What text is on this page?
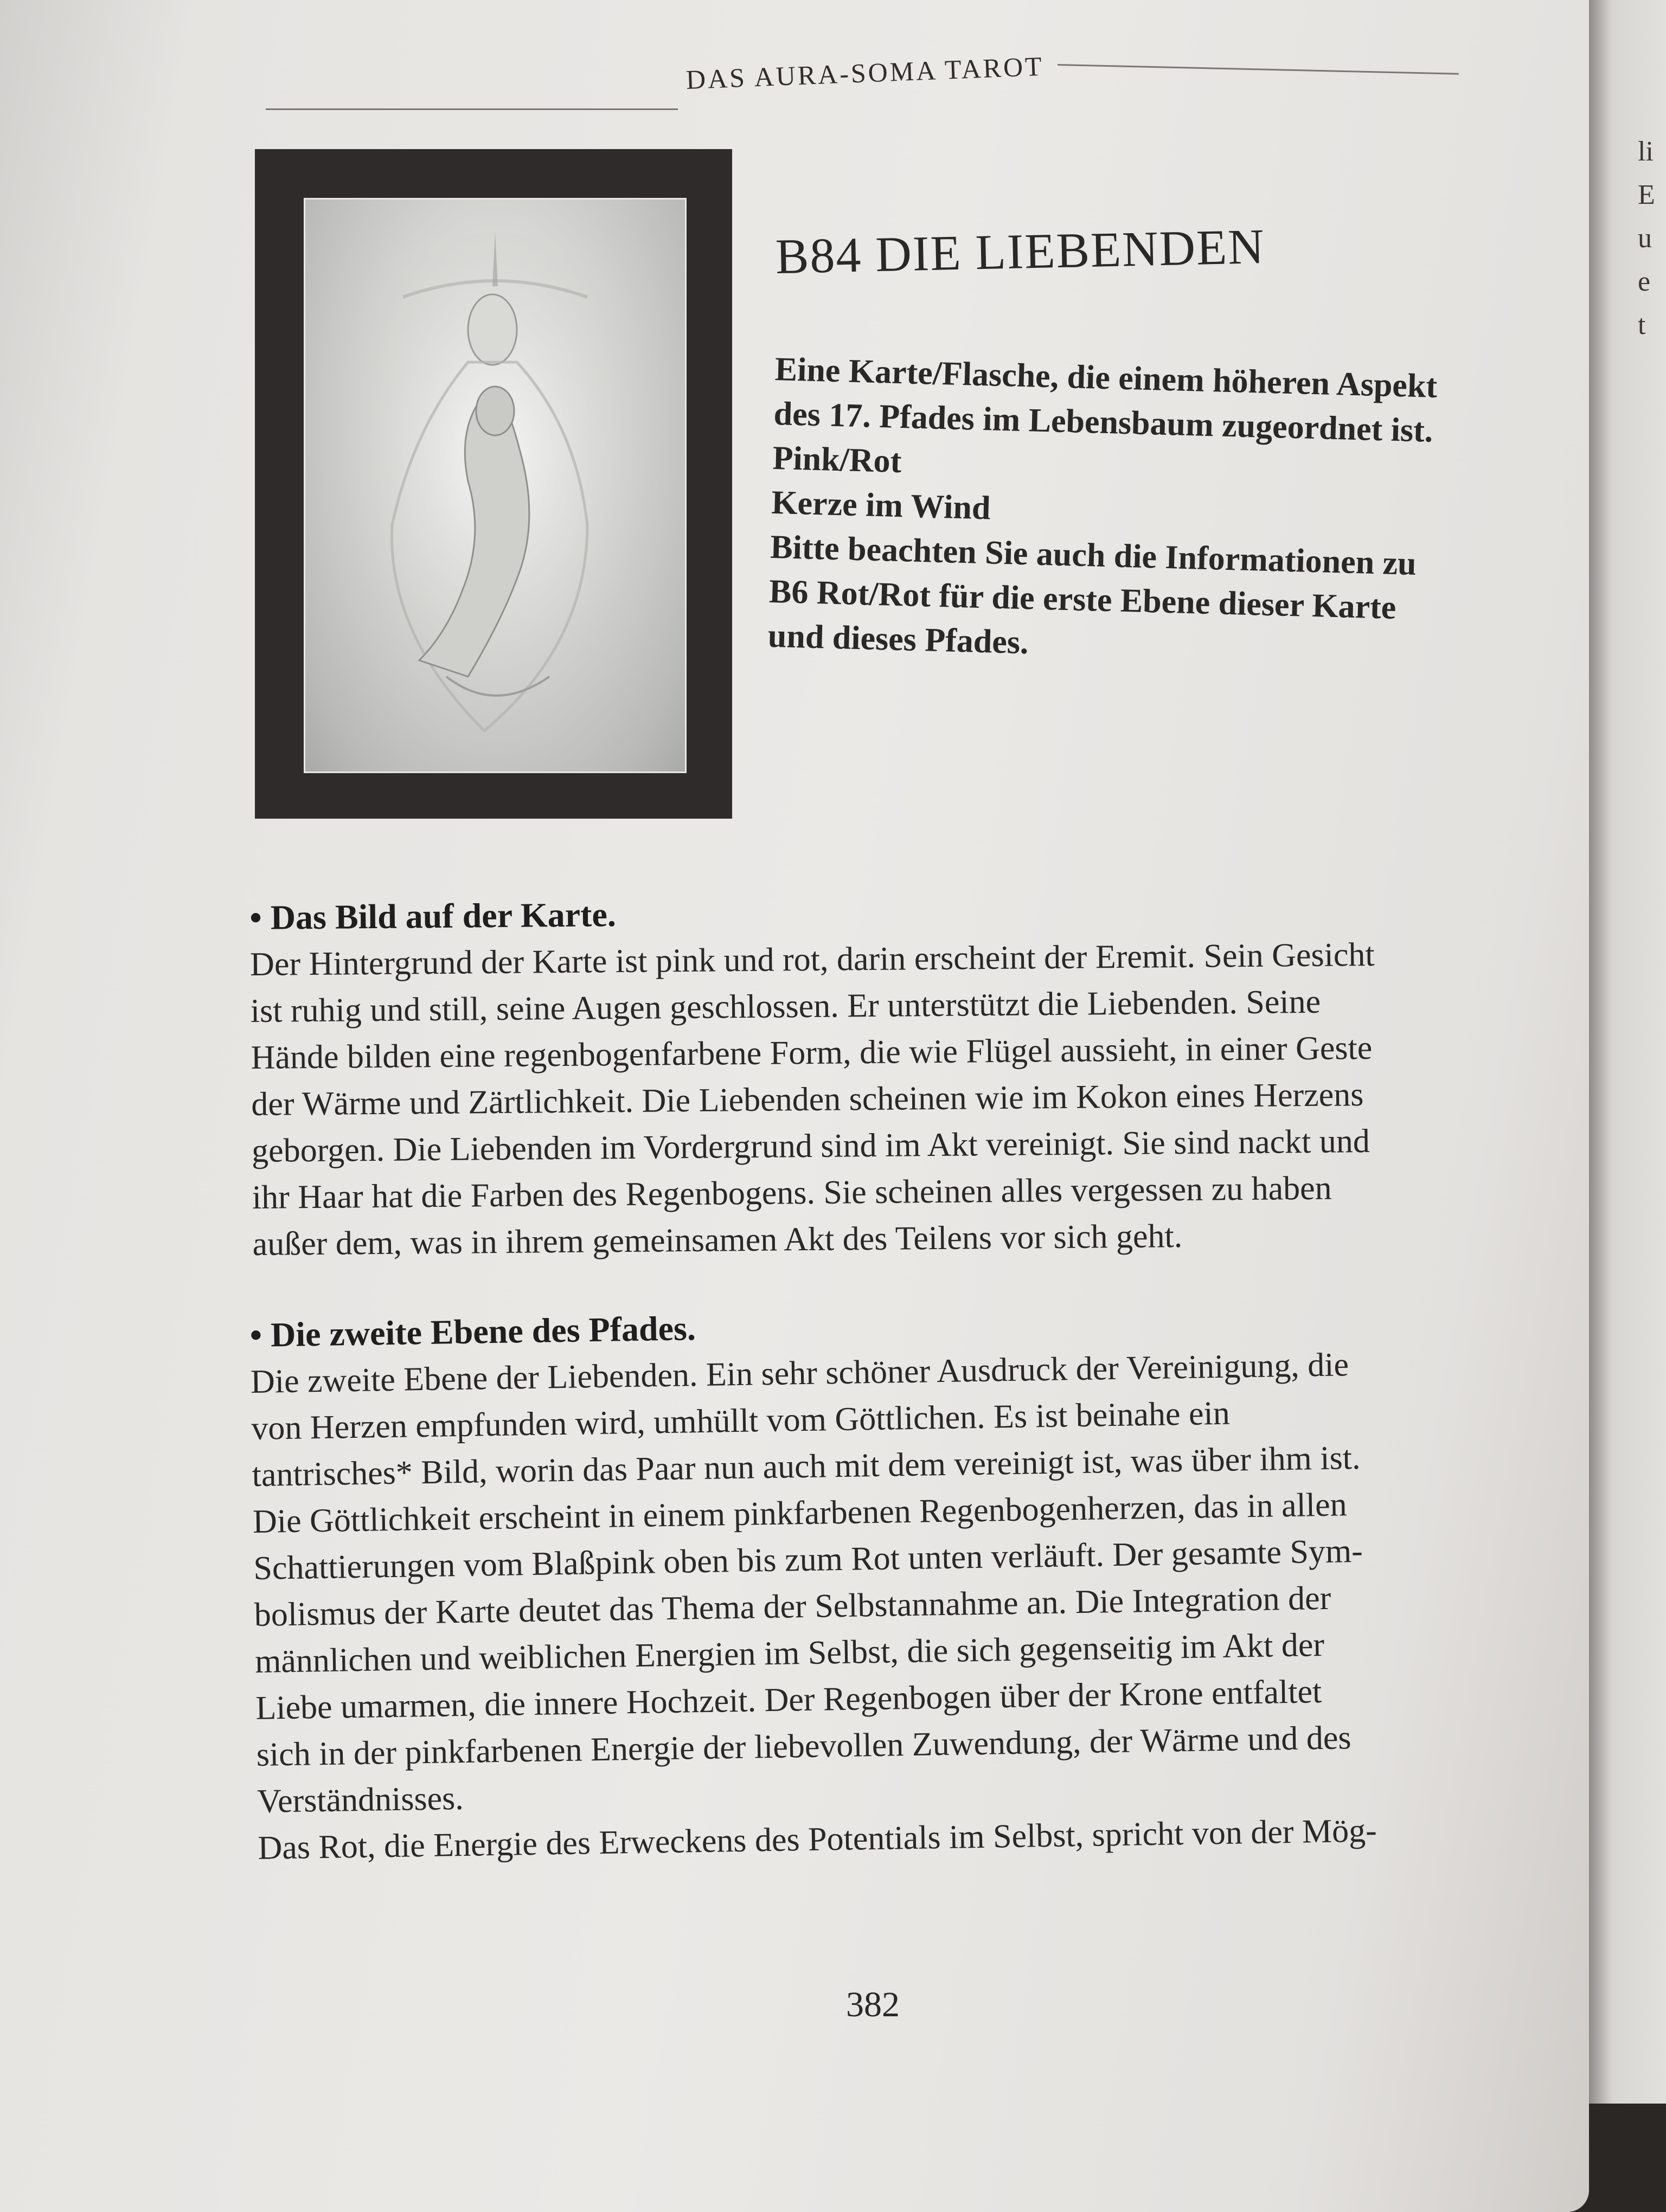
DAS AURA-SOMA TAROT
B84 DIE LIEBENDEN
Eine Karte/Flasche, die einem höheren Aspekt
des 17. Pfades im Lebensbaum zugeordnet ist.
Pink/Rot
Kerze im Wind
Bitte beachten Sie auch die Informationen zu
B6 Rot/Rot für die erste Ebene dieser Karte
und dieses Pfades.
• Das Bild auf der Karte.
Der Hintergrund der Karte ist pink und rot, darin erscheint der Eremit. Sein Gesicht
ist ruhig und still, seine Augen geschlossen. Er unterstützt die Liebenden. Seine
Hände bilden eine regenbogenfarbene Form, die wie Flügel aussieht, in einer Geste
der Wärme und Zärtlichkeit. Die Liebenden scheinen wie im Kokon eines Herzens
geborgen. Die Liebenden im Vordergrund sind im Akt vereinigt. Sie sind nackt und
ihr Haar hat die Farben des Regenbogens. Sie scheinen alles vergessen zu haben
außer dem, was in ihrem gemeinsamen Akt des Teilens vor sich geht.
• Die zweite Ebene des Pfades.
Die zweite Ebene der Liebenden. Ein sehr schöner Ausdruck der Vereinigung, die
von Herzen empfunden wird, umhüllt vom Göttlichen. Es ist beinahe ein
tantrisches* Bild, worin das Paar nun auch mit dem vereinigt ist, was über ihm ist.
Die Göttlichkeit erscheint in einem pinkfarbenen Regenbogenherzen, das in allen
Schattierungen vom Blaßpink oben bis zum Rot unten verläuft. Der gesamte Sym-
bolismus der Karte deutet das Thema der Selbstannahme an. Die Integration der
männlichen und weiblichen Energien im Selbst, die sich gegenseitig im Akt der
Liebe umarmen, die innere Hochzeit. Der Regenbogen über der Krone entfaltet
sich in der pinkfarbenen Energie der liebevollen Zuwendung, der Wärme und des
Verständnisses.
Das Rot, die Energie des Erweckens des Potentials im Selbst, spricht von der Mög-
382
li
E
u
e
t
